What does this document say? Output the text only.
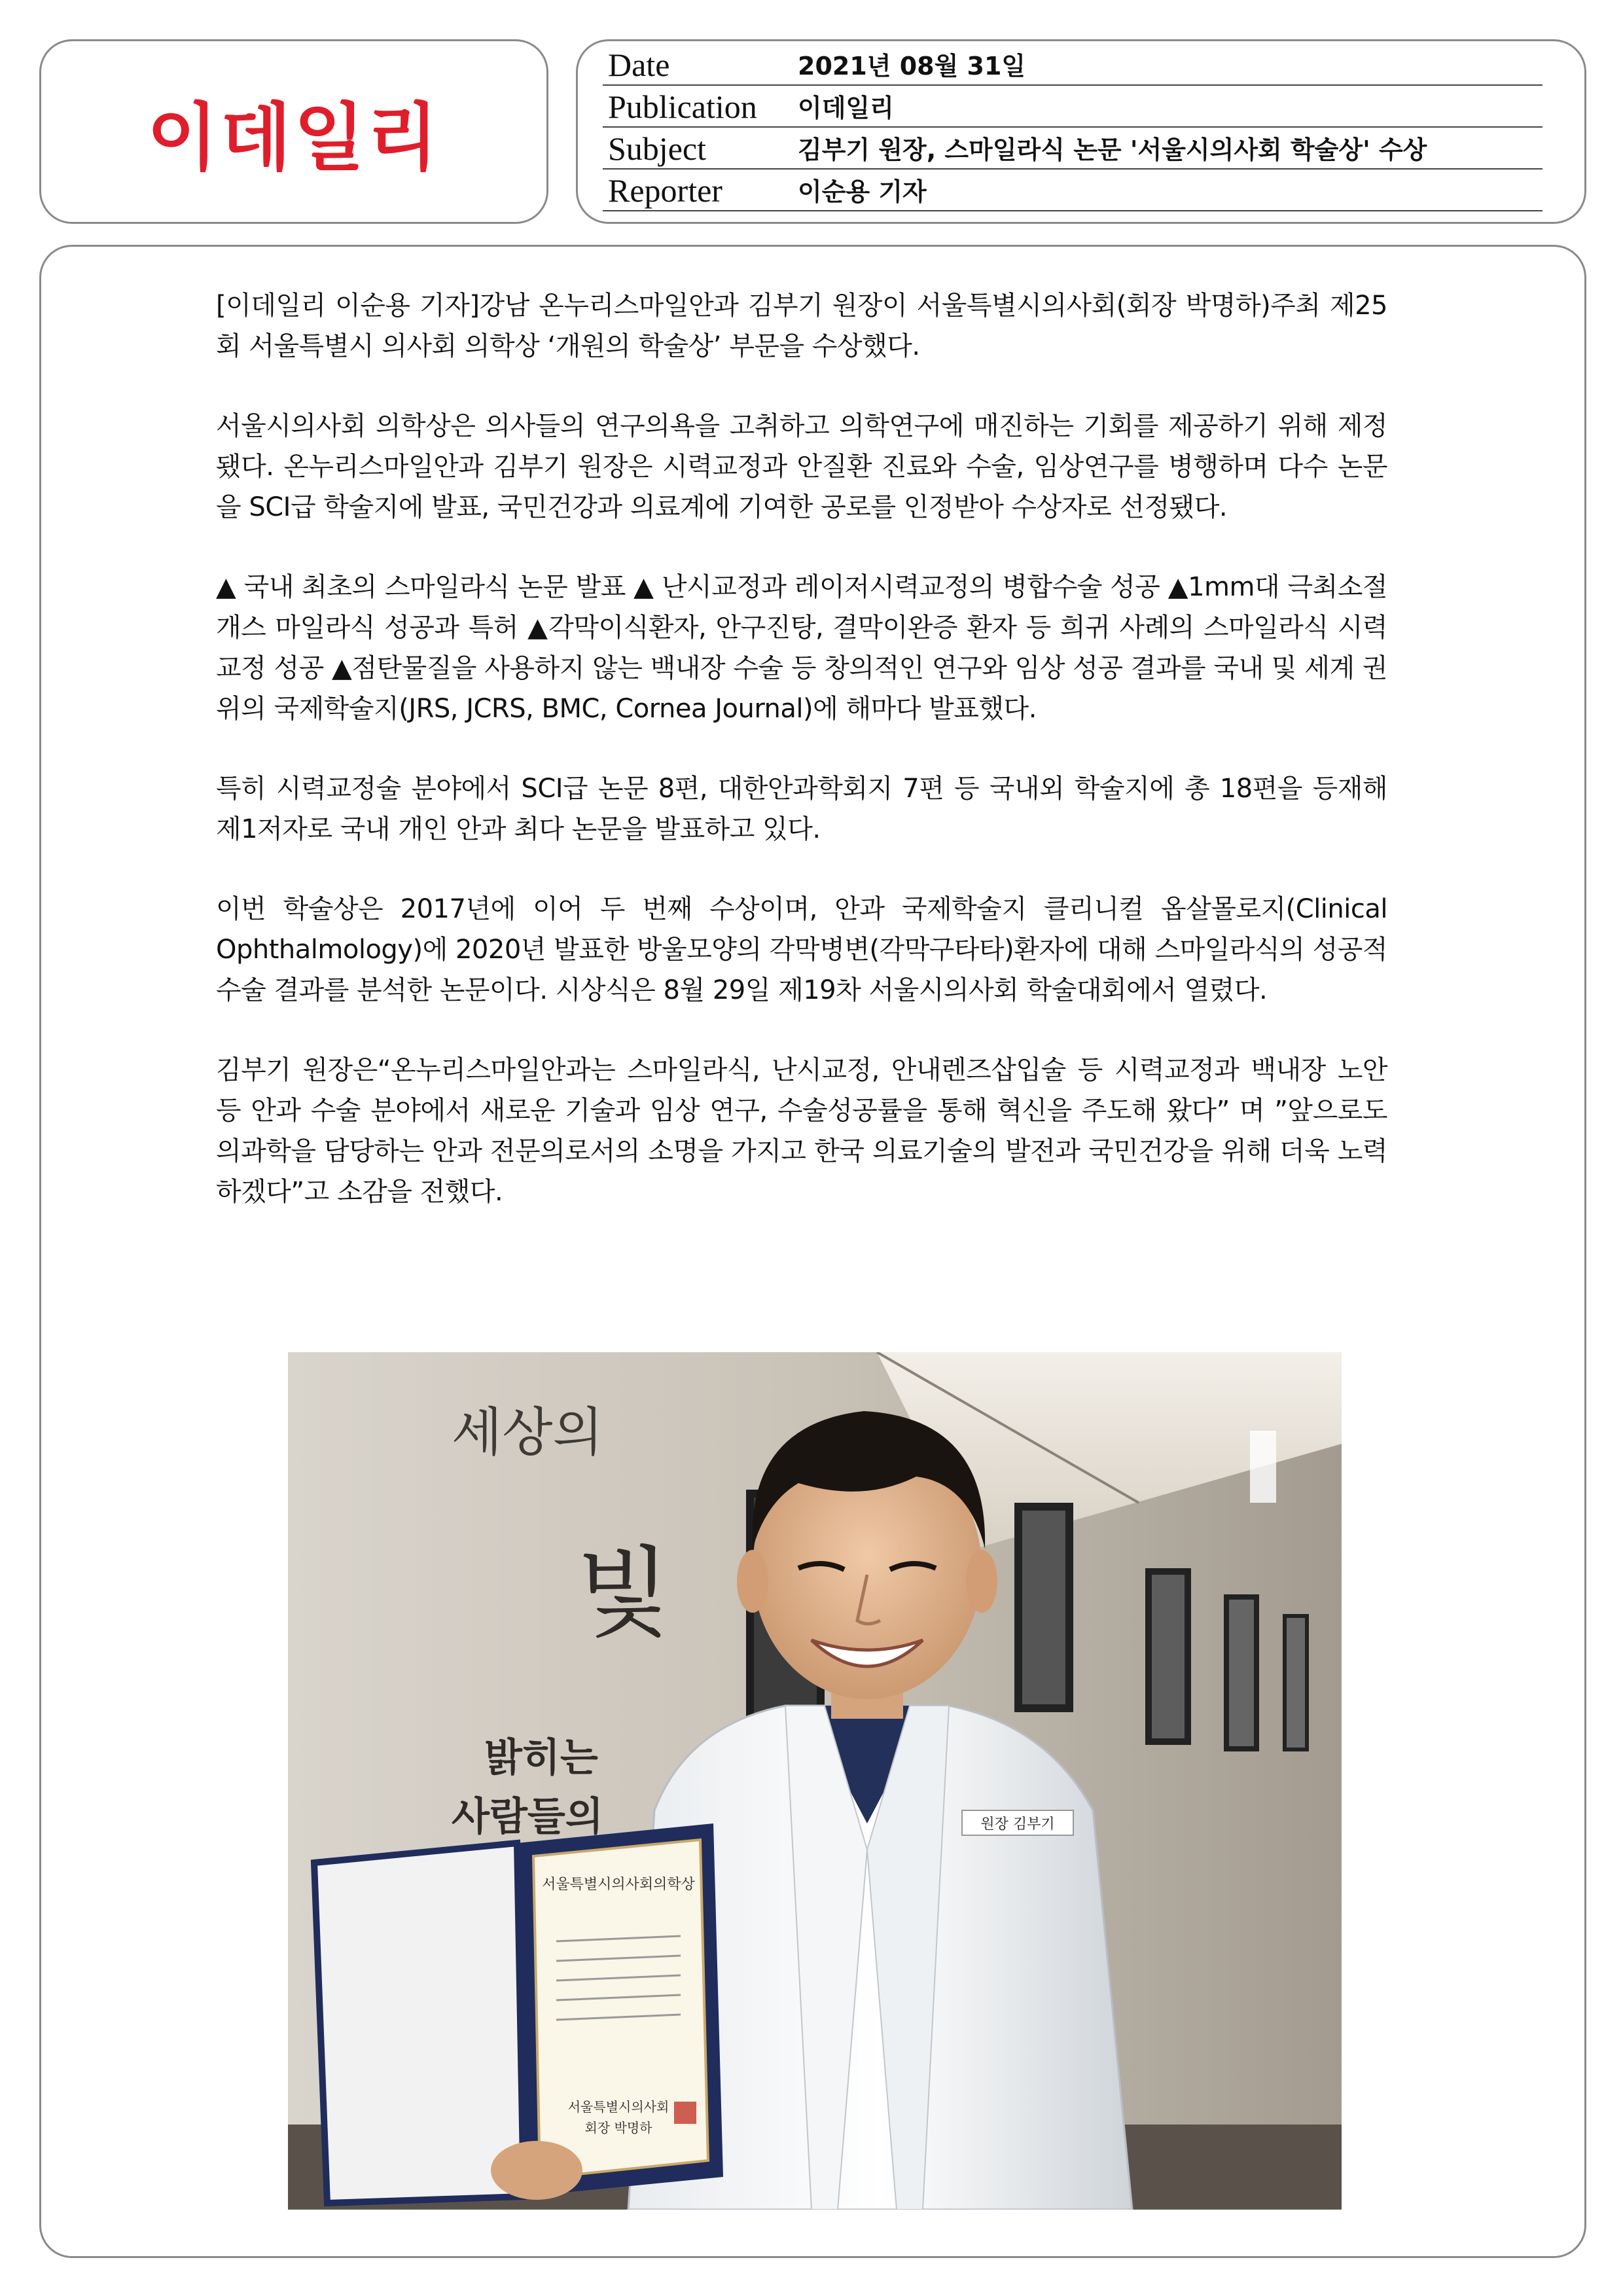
이데일리
Date	2021년 08월 31일
Publication	이데일리
Subject	김부기 원장, 스마일라식 논문 '서울시의사회 학술상' 수상
Reporter	이순용 기자

[이데일리 이순용 기자]강남 온누리스마일안과 김부기 원장이 서울특별시의사회(회장 박명하)주최 제25회 서울특별시 의사회 의학상 ‘개원의 학술상’ 부문을 수상했다.

서울시의사회 의학상은 의사들의 연구의욕을 고취하고 의학연구에 매진하는 기회를 제공하기 위해 제정됐다. 온누리스마일안과 김부기 원장은 시력교정과 안질환 진료와 수술, 임상연구를 병행하며 다수 논문을 SCI급 학술지에 발표, 국민건강과 의료계에 기여한 공로를 인정받아 수상자로 선정됐다.

▲ 국내 최초의 스마일라식 논문 발표 ▲ 난시교정과 레이저시력교정의 병합수술 성공 ▲1mm대 극최소절개스 마일라식 성공과 특허 ▲각막이식환자, 안구진탕, 결막이완증 환자 등 희귀 사례의 스마일라식 시력교정 성공 ▲점탄물질을 사용하지 않는 백내장 수술 등 창의적인 연구와 임상 성공 결과를 국내 및 세계 권위의 국제학술지(JRS, JCRS, BMC, Cornea Journal)에 해마다 발표했다.

특히 시력교정술 분야에서 SCI급 논문 8편, 대한안과학회지 7편 등 국내외 학술지에 총 18편을 등재해 제1저자로 국내 개인 안과 최다 논문을 발표하고 있다.

이번 학술상은 2017년에 이어 두 번째 수상이며, 안과 국제학술지 클리니컬 옵살몰로지(Clinical Ophthalmology)에 2020년 발표한 방울모양의 각막병변(각막구타타)환자에 대해 스마일라식의 성공적 수술 결과를 분석한 논문이다. 시상식은 8월 29일 제19차 서울시의사회 학술대회에서 열렸다.

김부기 원장은“온누리스마일안과는 스마일라식, 난시교정, 안내렌즈삽입술 등 시력교정과 백내장 노안 등 안과 수술 분야에서 새로운 기술과 임상 연구, 수술성공률을 통해 혁신을 주도해 왔다” 며 ”앞으로도 의과학을 담당하는 안과 전문의로서의 소명을 가지고 한국 의료기술의 발전과 국민건강을 위해 더욱 노력하겠다”고 소감을 전했다.

세상의
빛
밝히는
사람들의	원장 김부기
서울특별시의사회의학상
서울특별시의사회
회장 박명하
